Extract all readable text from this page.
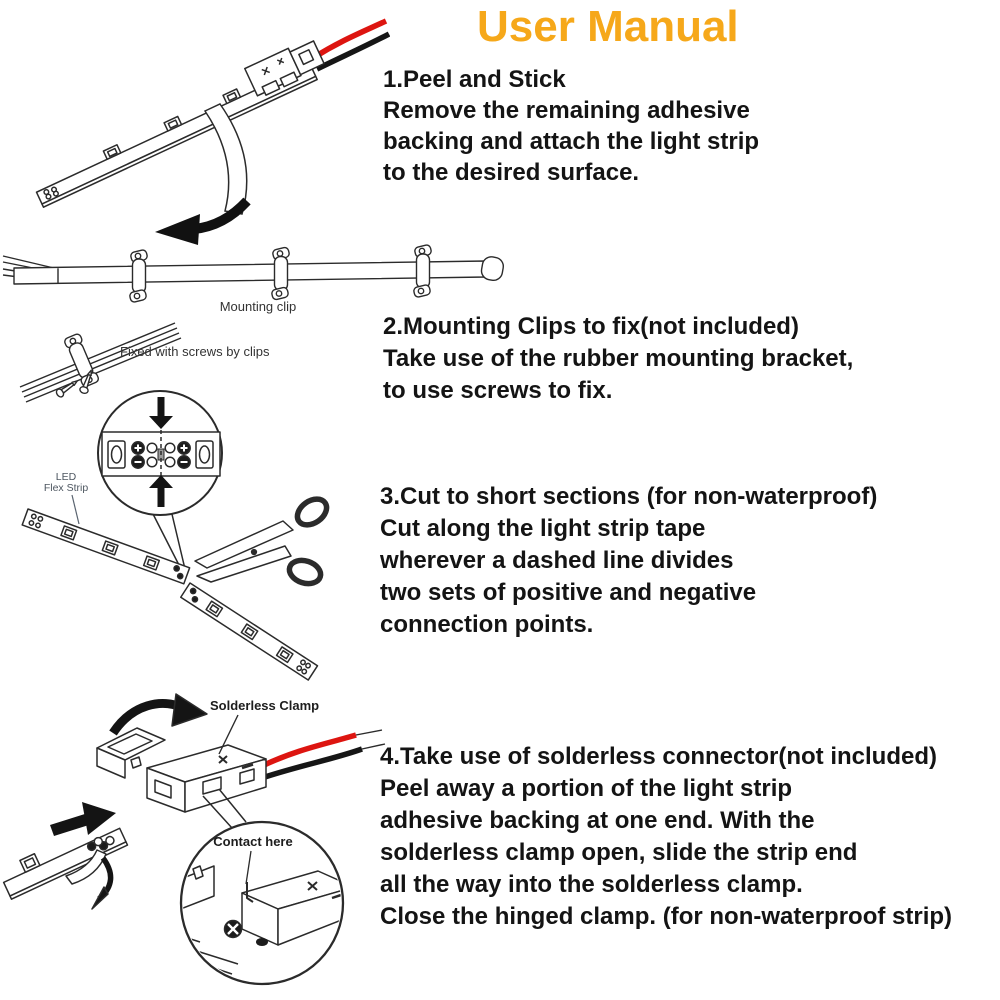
User Manual
1.Peel and Stick
Remove the remaining adhesive
backing and attach the light strip
to the desired surface.
Mounting clip
Fixed with screws by clips
2.Mounting Clips to fix(not included)
Take use of the rubber mounting bracket,
to use screws to fix.
LED
Flex Strip	3.Cut to short sections (for non-waterproof)
Cut along the light strip tape
wherever a dashed line divides
two sets of positive and negative
connection points.
Contact here
Solderless Clamp
4.Take use of solderless connector(not included)
Peel away a portion of the light strip
adhesive backing at one end. With the
solderless clamp open, slide the strip end
all the way into the solderless clamp.
Close the hinged clamp. (for non-waterproof strip)
